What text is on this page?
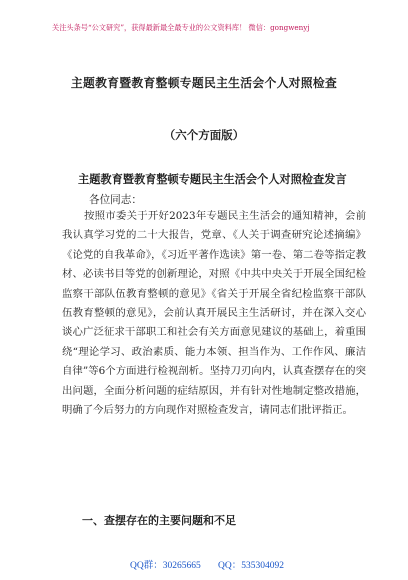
关注头条号“公文研究”，获得最新最全最专业的公文资料库！ 微信：gongwenyj
主题教育暨教育整顿专题民主生活会个人对照检查
（六个方面版）
主题教育暨教育整顿专题民主生活会个人对照检查发言
各位同志：

按照市委关于开好2023年专题民主生活会的通知精神，会前我认真学习党的二十大报告，党章、《人关于调查研究论述摘编》《论党的自我革命》，《习近平著作选读》第一卷、第二卷等指定教材、必读书目等党的创新理论，对照《中共中央关于开展全国纪检监察干部队伍教育整顿的意见》《省关于开展全省纪检监察干部队伍教育整顿的意见》，会前认真开展民主生活研讨，并在深入交心谈心广泛征求干部职工和社会有关方面意见建议的基础上，着重围绕“理论学习、政治素质、能力本领、担当作为、工作作风、廉洁自律”等6个方面进行检视剖析。坚持刀刃向内，认真查摆存在的突出问题，全面分析问题的症结原因，并有针对性地制定整改措施，明确了今后努力的方向现作对照检查发言，请同志们批评指正。

一、查摆存在的主要问题和不足
QQ群：30265665 QQ：535304092
